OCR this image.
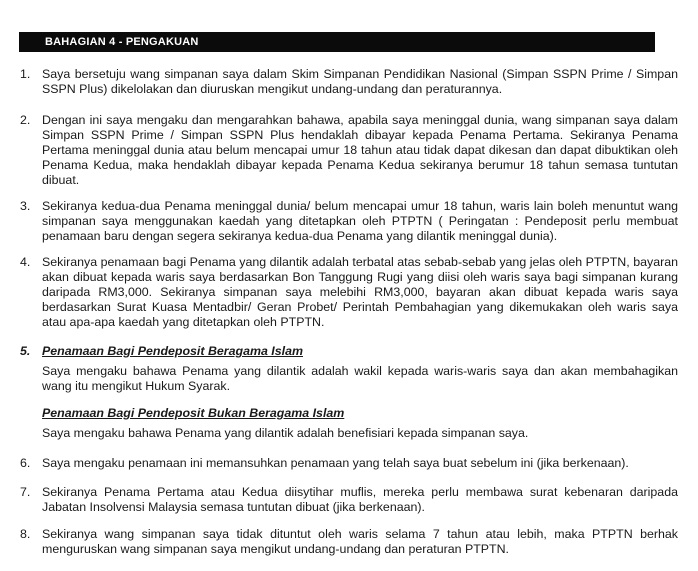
BAHAGIAN 4 - PENGAKUAN
1. Saya bersetuju wang simpanan saya dalam Skim Simpanan Pendidikan Nasional (Simpan SSPN Prime / Simpan SSPN Plus) dikelolakan dan diuruskan mengikut undang-undang dan peraturannya.
2. Dengan ini saya mengaku dan mengarahkan bahawa, apabila saya meninggal dunia, wang simpanan saya dalam Simpan SSPN Prime / Simpan SSPN Plus hendaklah dibayar kepada Penama Pertama. Sekiranya Penama Pertama meninggal dunia atau belum mencapai umur 18 tahun atau tidak dapat dikesan dan dapat dibuktikan oleh Penama Kedua, maka hendaklah dibayar kepada Penama Kedua sekiranya berumur 18 tahun semasa tuntutan dibuat.
3. Sekiranya kedua-dua Penama meninggal dunia/ belum mencapai umur 18 tahun, waris lain boleh menuntut wang simpanan saya menggunakan kaedah yang ditetapkan oleh PTPTN ( Peringatan : Pendeposit perlu membuat penamaan baru dengan segera sekiranya kedua-dua Penama yang dilantik meninggal dunia).
4. Sekiranya penamaan bagi Penama yang dilantik adalah terbatal atas sebab-sebab yang jelas oleh PTPTN, bayaran akan dibuat kepada waris saya berdasarkan Bon Tanggung Rugi yang diisi oleh waris saya bagi simpanan kurang daripada RM3,000. Sekiranya simpanan saya melebihi RM3,000, bayaran akan dibuat kepada waris saya berdasarkan Surat Kuasa Mentadbir/ Geran Probet/ Perintah Pembahagian yang dikemukakan oleh waris saya atau apa-apa kaedah yang ditetapkan oleh PTPTN.
5. Penamaan Bagi Pendeposit Beragama Islam
Saya mengaku bahawa Penama yang dilantik adalah wakil kepada waris-waris saya dan akan membahagikan wang itu mengikut Hukum Syarak.
Penamaan Bagi Pendeposit Bukan Beragama Islam
Saya mengaku bahawa Penama yang dilantik adalah benefisiari kepada simpanan saya.
6. Saya mengaku penamaan ini memansuhkan penamaan yang telah saya buat sebelum ini (jika berkenaan).
7. Sekiranya Penama Pertama atau Kedua diisytihar muflis, mereka perlu membawa surat kebenaran daripada Jabatan Insolvensi Malaysia semasa tuntutan dibuat (jika berkenaan).
8. Sekiranya wang simpanan saya tidak dituntut oleh waris selama 7 tahun atau lebih, maka PTPTN berhak menguruskan wang simpanan saya mengikut undang-undang dan peraturan PTPTN.
